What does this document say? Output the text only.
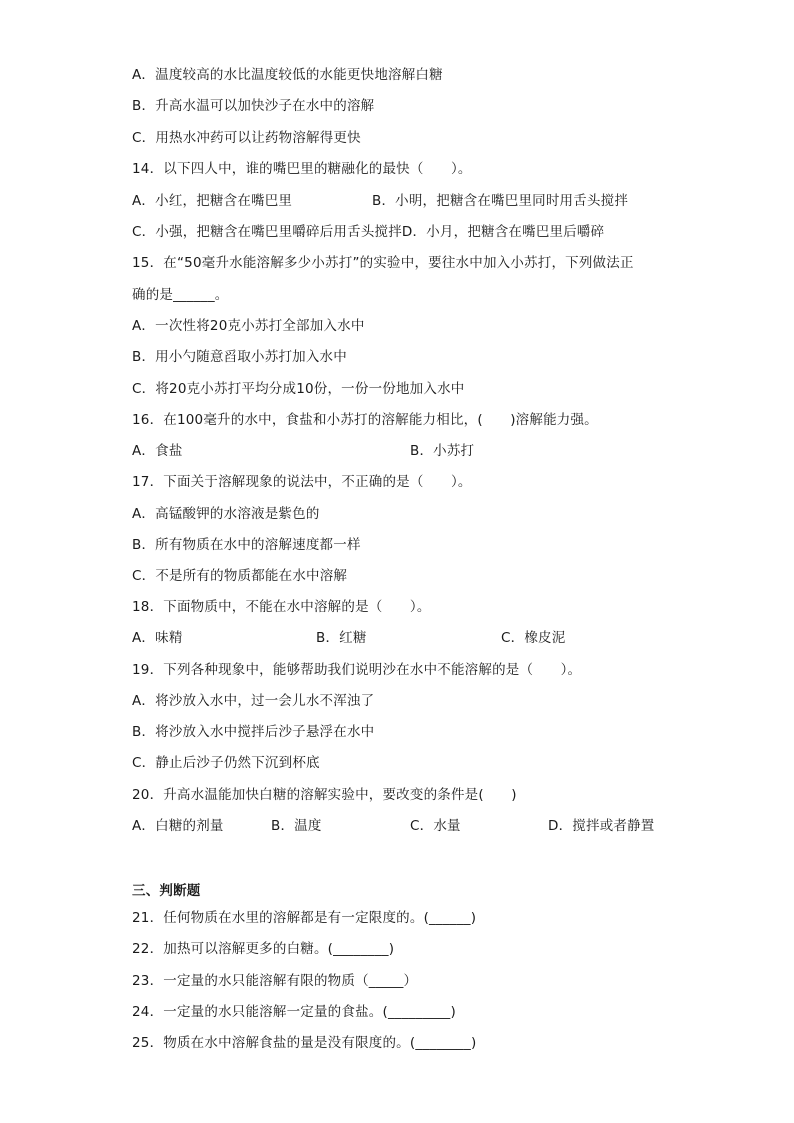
A．温度较高的水比温度较低的水能更快地溶解白糖
B．升高水温可以加快沙子在水中的溶解
C．用热水冲药可以让药物溶解得更快
14．以下四人中，谁的嘴巴里的糖融化的最快（　　）。
A．小红，把糖含在嘴巴里	B．小明，把糖含在嘴巴里同时用舌头搅拌
C．小强，把糖含在嘴巴里嚼碎后用舌头搅拌D．小月，把糖含在嘴巴里后嚼碎
15．在“50毫升水能溶解多少小苏打”的实验中，要往水中加入小苏打，下列做法正
确的是______。
A．一次性将20克小苏打全部加入水中
B．用小勺随意舀取小苏打加入水中
C．将20克小苏打平均分成10份，一份一份地加入水中
16．在100毫升的水中，食盐和小苏打的溶解能力相比，(　　)溶解能力强。
A．食盐	B．小苏打
17．下面关于溶解现象的说法中，不正确的是（　　）。
A．高锰酸钾的水溶液是紫色的
B．所有物质在水中的溶解速度都一样
C．不是所有的物质都能在水中溶解
18．下面物质中，不能在水中溶解的是（　　）。
A．味精	B．红糖	C．橡皮泥
19．下列各种现象中，能够帮助我们说明沙在水中不能溶解的是（　　）。
A．将沙放入水中，过一会儿水不浑浊了
B．将沙放入水中搅拌后沙子悬浮在水中
C．静止后沙子仍然下沉到杯底
20．升高水温能加快白糖的溶解实验中，要改变的条件是(　　)
A．白糖的剂量	B．温度	C．水量	D．搅拌或者静置
三、判断题
21．任何物质在水里的溶解都是有一定限度的。(______)
22．加热可以溶解更多的白糖。(________)
23．一定量的水只能溶解有限的物质（_____）
24．一定量的水只能溶解一定量的食盐。(_________)
25．物质在水中溶解食盐的量是没有限度的。(________)
